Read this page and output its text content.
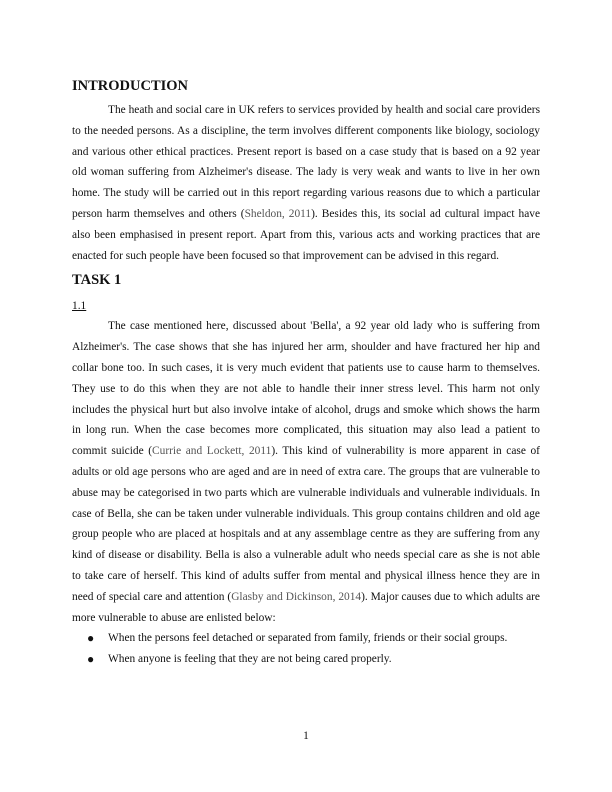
INTRODUCTION

The heath and social care in UK refers to services provided by health and social care providers to the needed persons. As a discipline, the term involves different components like biology, sociology and various other ethical practices. Present report is based on a case study that is based on a 92 year old woman suffering from Alzheimer's disease. The lady is very weak and wants to live in her own home. The study will be carried out in this report regarding various reasons due to which a particular person harm themselves and others (Sheldon, 2011). Besides this, its social ad cultural impact have also been emphasised in present report. Apart from this, various acts and working practices that are enacted for such people have been focused so that improvement can be advised in this regard.

TASK 1
1.1

The case mentioned here, discussed about 'Bella', a 92 year old lady who is suffering from Alzheimer's. The case shows that she has injured her arm, shoulder and have fractured her hip and collar bone too. In such cases, it is very much evident that patients use to cause harm to themselves. They use to do this when they are not able to handle their inner stress level. This harm not only includes the physical hurt but also involve intake of alcohol, drugs and smoke which shows the harm in long run. When the case becomes more complicated, this situation may also lead a patient to commit suicide (Currie and Lockett, 2011). This kind of vulnerability is more apparent in case of adults or old age persons who are aged and are in need of extra care. The groups that are vulnerable to abuse may be categorised in two parts which are vulnerable individuals and vulnerable individuals. In case of Bella, she can be taken under vulnerable individuals. This group contains children and old age group people who are placed at hospitals and at any assemblage centre as they are suffering from any kind of disease or disability. Bella is also a vulnerable adult who needs special care as she is not able to take care of herself. This kind of adults suffer from mental and physical illness hence they are in need of special care and attention (Glasby and Dickinson, 2014). Major causes due to which adults are more vulnerable to abuse are enlisted below:

● When the persons feel detached or separated from family, friends or their social groups.
● When anyone is feeling that they are not being cared properly.
1
